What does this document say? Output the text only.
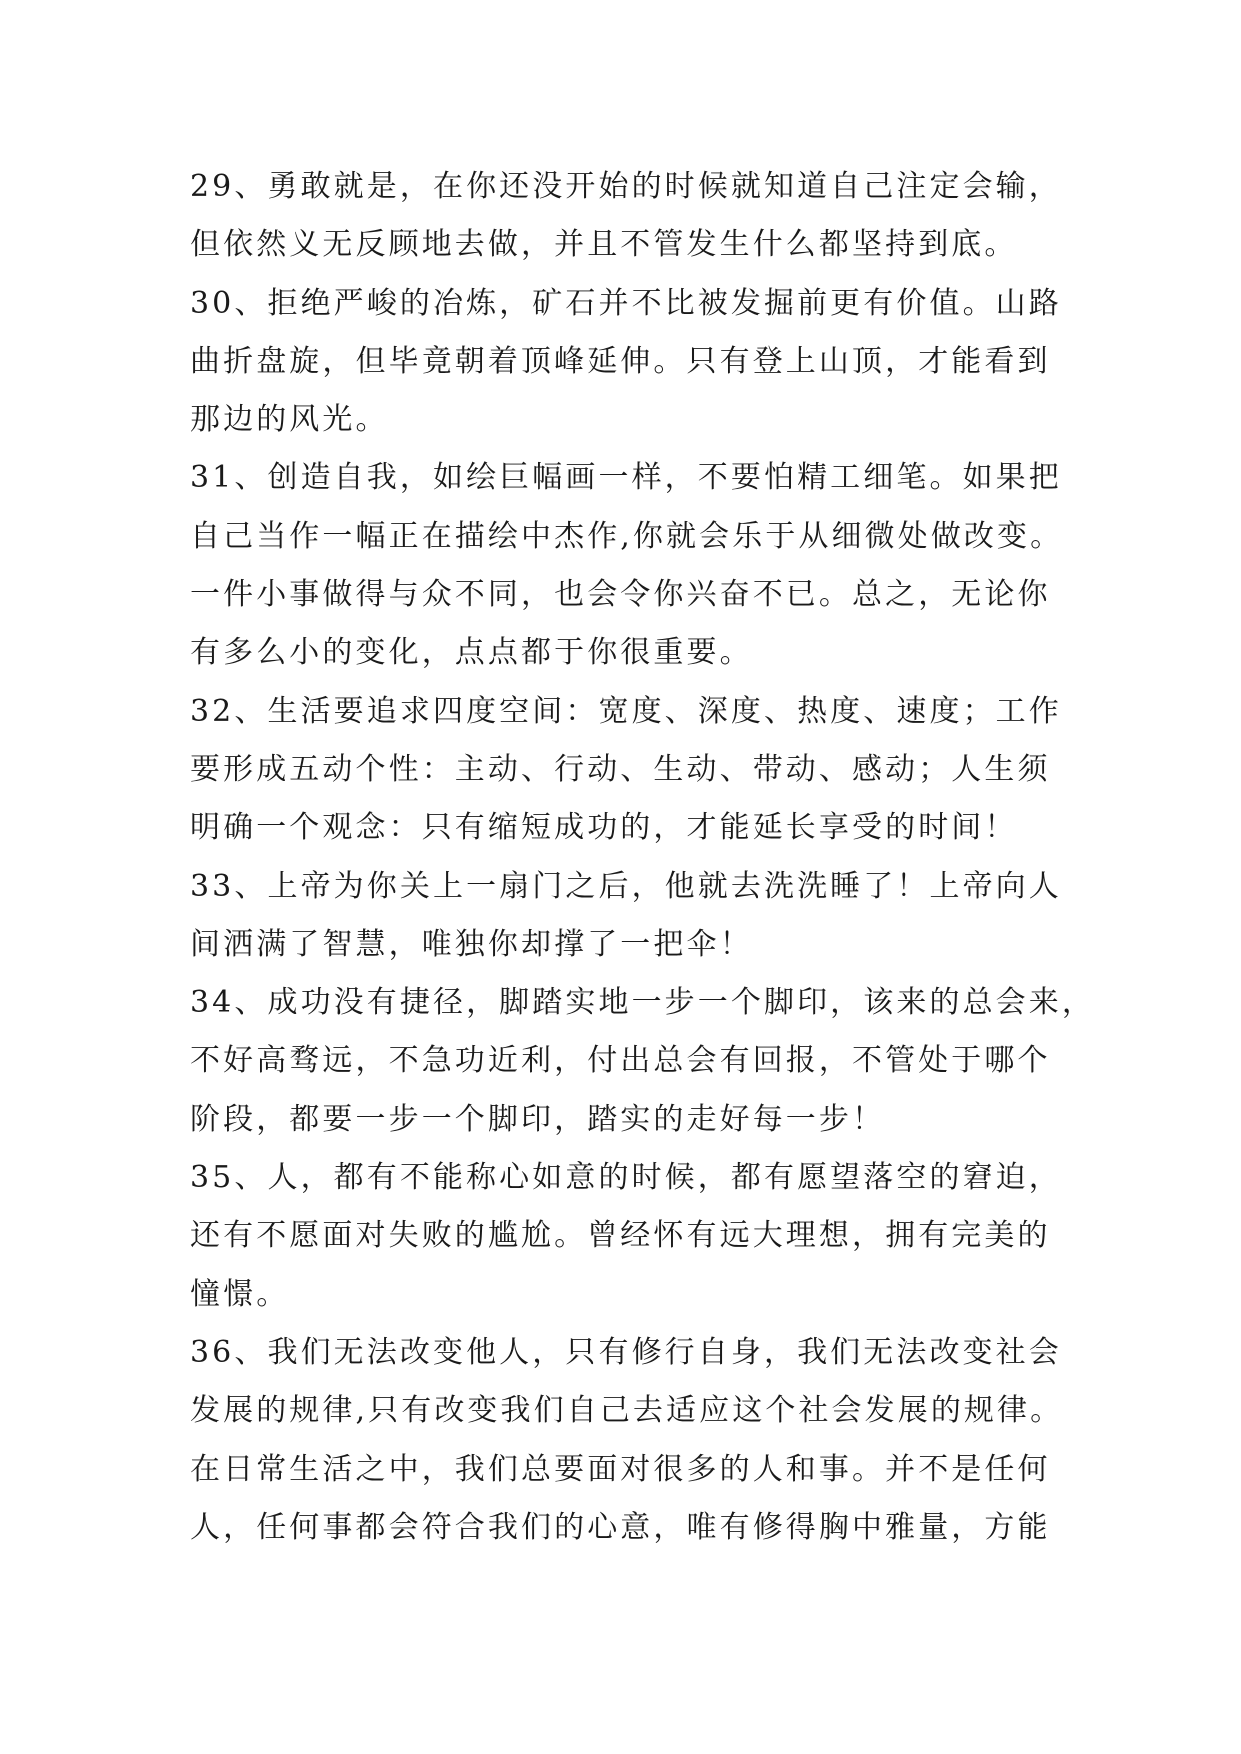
29、勇敢就是，在你还没开始的时候就知道自己注定会输，
但依然义无反顾地去做，并且不管发生什么都坚持到底。
30、拒绝严峻的冶炼，矿石并不比被发掘前更有价值。山路
曲折盘旋，但毕竟朝着顶峰延伸。只有登上山顶，才能看到
那边的风光。
31、创造自我，如绘巨幅画一样，不要怕精工细笔。如果把
自己当作一幅正在描绘中杰作,你就会乐于从细微处做改变。
一件小事做得与众不同，也会令你兴奋不已。总之，无论你
有多么小的变化，点点都于你很重要。
32、生活要追求四度空间：宽度、深度、热度、速度；工作
要形成五动个性：主动、行动、生动、带动、感动；人生须
明确一个观念：只有缩短成功的，才能延长享受的时间！
33、上帝为你关上一扇门之后，他就去洗洗睡了！上帝向人
间洒满了智慧，唯独你却撑了一把伞！
34、成功没有捷径，脚踏实地一步一个脚印，该来的总会来，
不好高骛远，不急功近利，付出总会有回报，不管处于哪个
阶段，都要一步一个脚印，踏实的走好每一步！
35、人，都有不能称心如意的时候，都有愿望落空的窘迫，
还有不愿面对失败的尴尬。曾经怀有远大理想，拥有完美的
憧憬。
36、我们无法改变他人，只有修行自身，我们无法改变社会
发展的规律,只有改变我们自己去适应这个社会发展的规律。
在日常生活之中，我们总要面对很多的人和事。并不是任何
人，任何事都会符合我们的心意，唯有修得胸中雅量，方能
